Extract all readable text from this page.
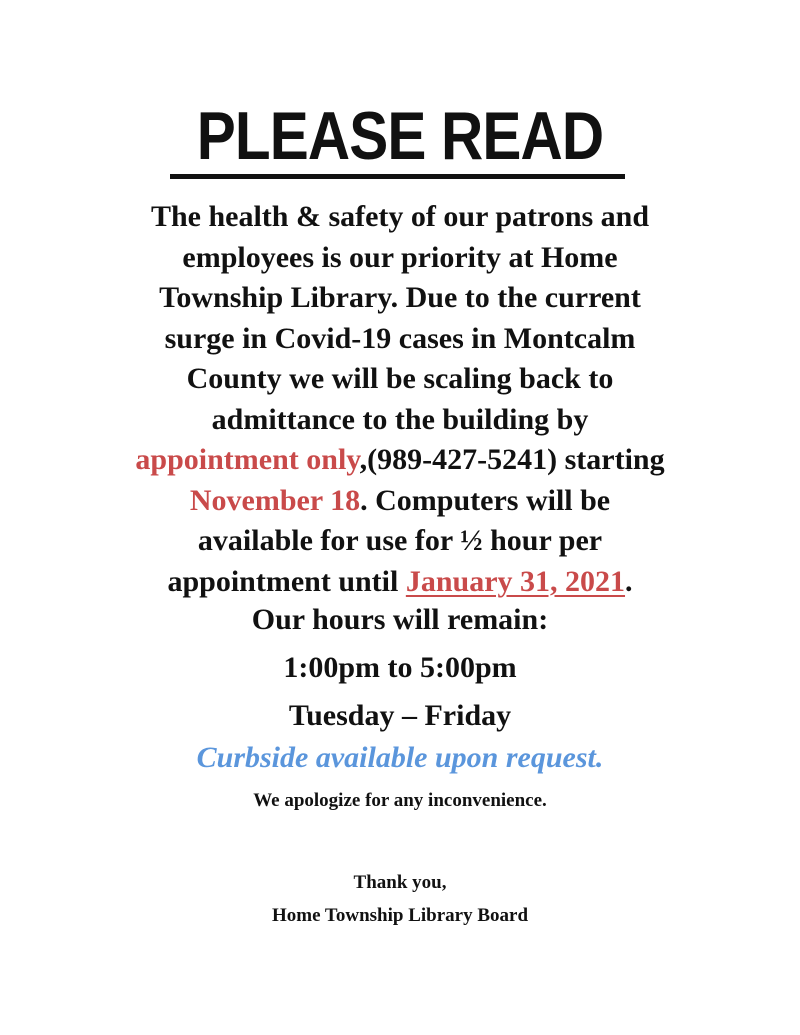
PLEASE READ
The health & safety of our patrons and
employees is our priority at Home
Township Library. Due to the current
surge in Covid-19 cases in Montcalm
County we will be scaling back to
admittance to the building by
appointment only,(989-427-5241) starting
November 18. Computers will be
available for use for ½ hour per
appointment until January 31, 2021.
Our hours will remain:
1:00pm to 5:00pm
Tuesday – Friday
Curbside available upon request.
We apologize for any inconvenience.
Thank you,
Home Township Library Board
